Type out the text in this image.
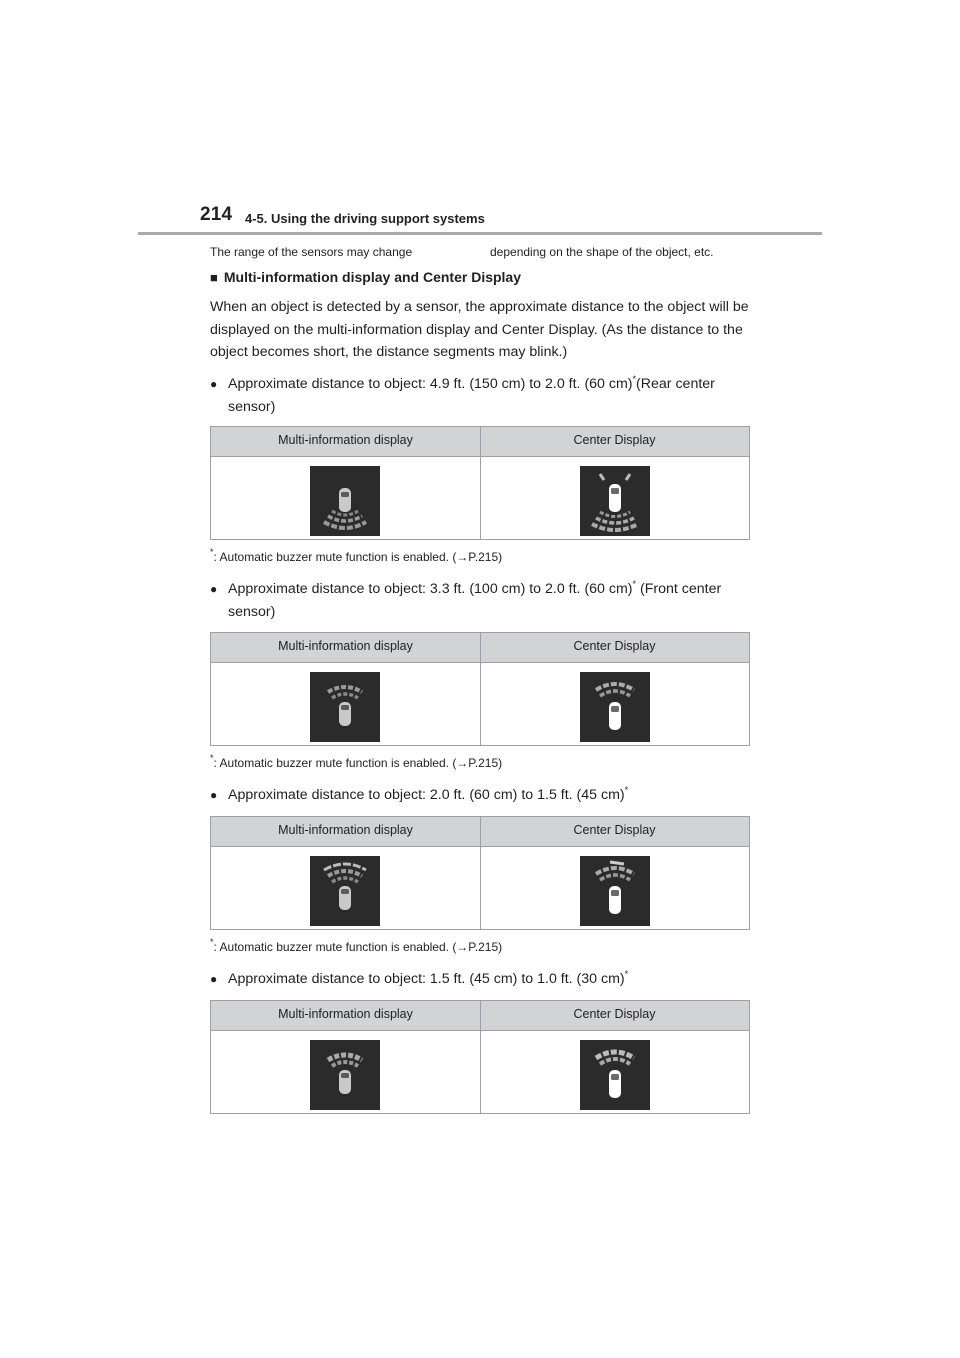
214 4-5. Using the driving support systems
The range of the sensors may change	depending on the shape of the object, etc.
■ Multi-information display and Center Display

When an object is detected by a sensor, the approximate distance to the object will be displayed on the multi-information display and Center Display. (As the distance to the object becomes short, the distance segments may blink.)

● Approximate distance to object: 4.9 ft. (150 cm) to 2.0 ft. (60 cm)*(Rear center sensor)

Multi-information display	Center Display
*: Automatic buzzer mute function is enabled. (→P.215)

● Approximate distance to object: 3.3 ft. (100 cm) to 2.0 ft. (60 cm)* (Front center sensor)

Multi-information display	Center Display
*: Automatic buzzer mute function is enabled. (→P.215)

● Approximate distance to object: 2.0 ft. (60 cm) to 1.5 ft. (45 cm)*

Multi-information display	Center Display
*: Automatic buzzer mute function is enabled. (→P.215)

● Approximate distance to object: 1.5 ft. (45 cm) to 1.0 ft. (30 cm)*

Multi-information display	Center Display
